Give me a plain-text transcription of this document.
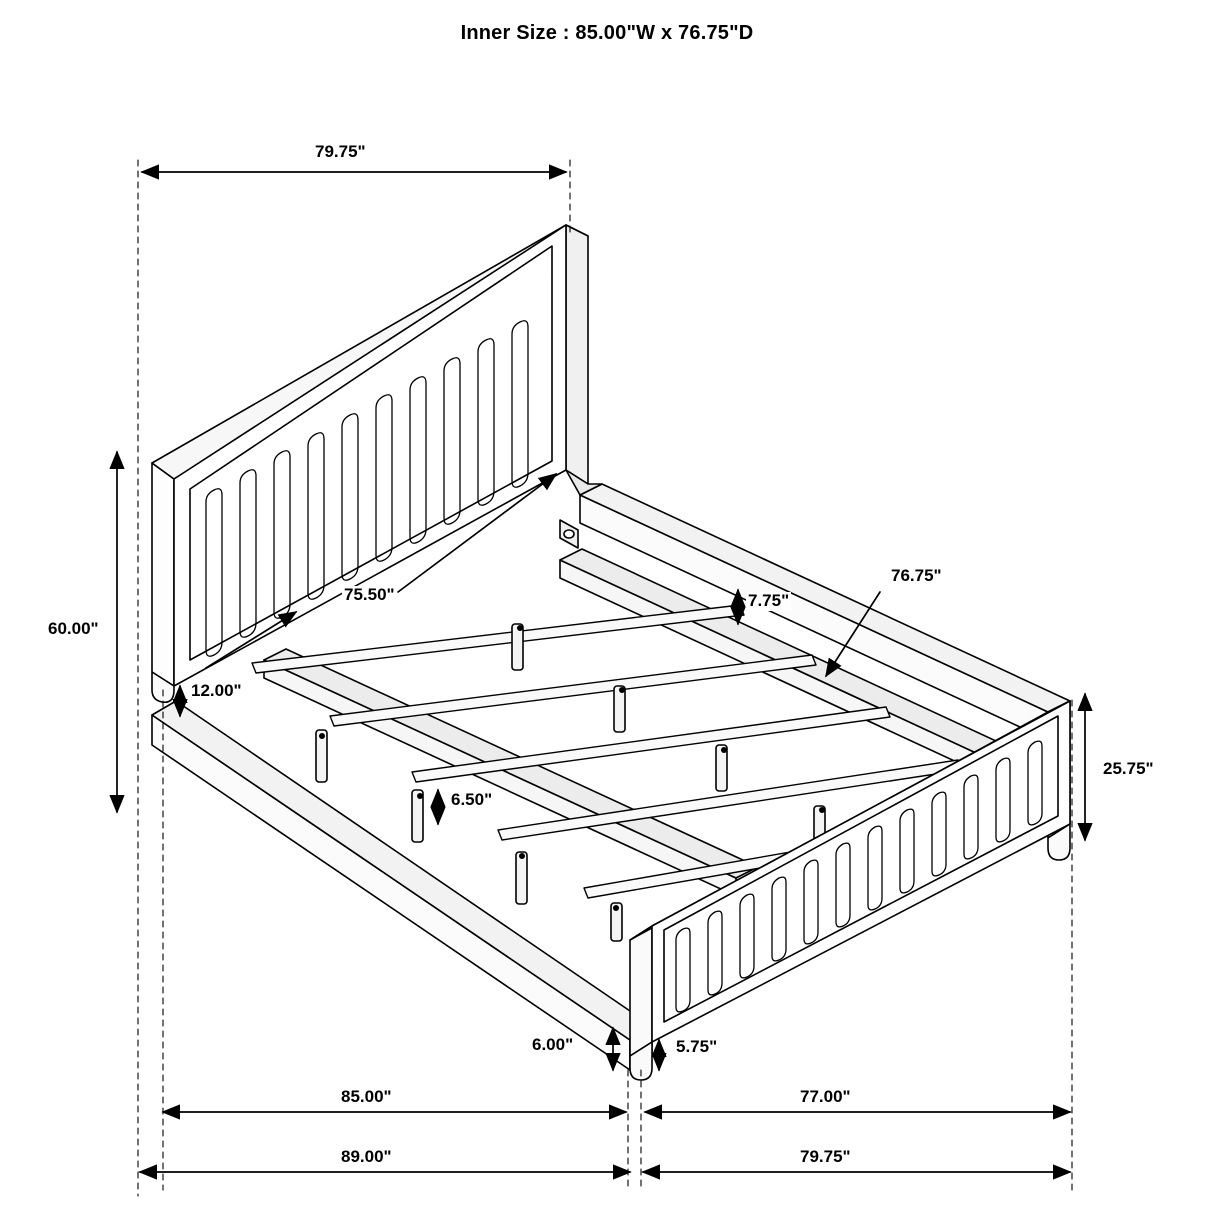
Inner Size : 85.00"W x 76.75"D
79.75"
60.00"
75.50"
12.00"
6.50"
7.75"
76.75"
25.75"
5.75"
6.00"
85.00"	77.00"
89.00"	79.75"
